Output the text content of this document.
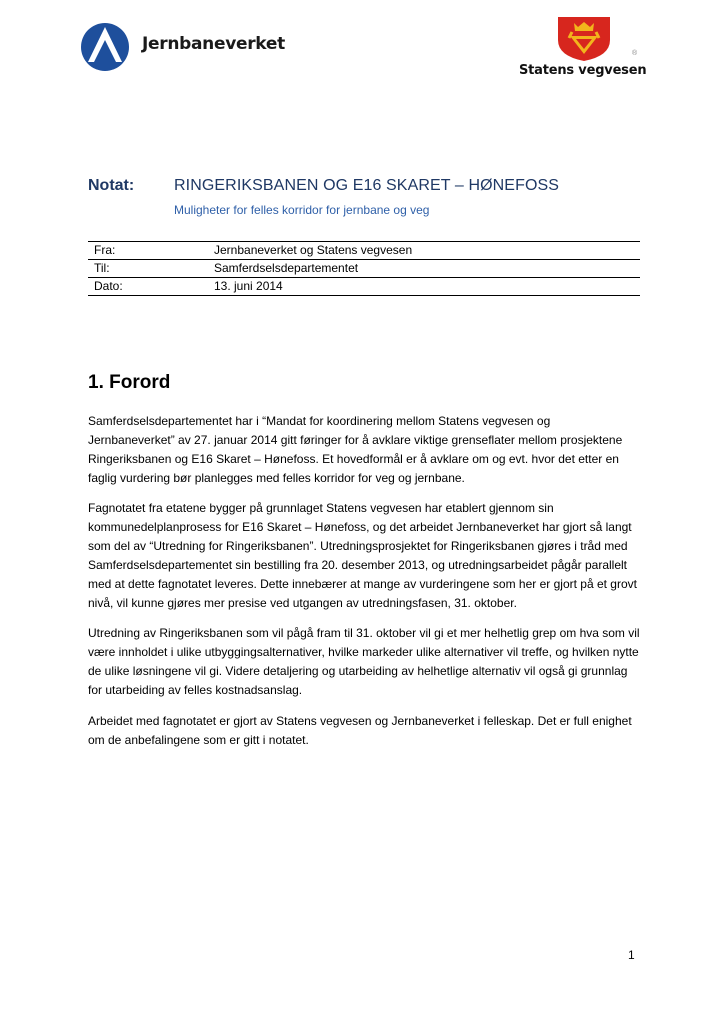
Jernbaneverket	®
Statens vegvesen
Notat: RINGERIKSBANEN OG E16 SKARET – HØNEFOSS
Muligheter for felles korridor for jernbane og veg
Fra:	Jernbaneverket og Statens vegvesen
Til:	Samferdselsdepartementet
Dato:	13. juni 2014
1. Forord

Samferdselsdepartementet har i “Mandat for koordinering mellom Statens vegvesen og Jernbaneverket” av 27. januar 2014 gitt føringer for å avklare viktige grenseflater mellom prosjektene Ringeriksbanen og E16 Skaret – Hønefoss. Et hovedformål er å avklare om og evt. hvor det etter en faglig vurdering bør planlegges med felles korridor for veg og jernbane.

Fagnotatet fra etatene bygger på grunnlaget Statens vegvesen har etablert gjennom sin kommunedelplanprosess for E16 Skaret – Hønefoss, og det arbeidet Jernbaneverket har gjort så langt som del av “Utredning for Ringeriksbanen”. Utredningsprosjektet for Ringeriksbanen gjøres i tråd med Samferdselsdepartementet sin bestilling fra 20. desember 2013, og utredningsarbeidet pågår parallelt med at dette fagnotatet leveres. Dette innebærer at mange av vurderingene som her er gjort på et grovt nivå, vil kunne gjøres mer presise ved utgangen av utredningsfasen, 31. oktober.

Utredning av Ringeriksbanen som vil pågå fram til 31. oktober vil gi et mer helhetlig grep om hva som vil være innholdet i ulike utbyggingsalternativer, hvilke markeder ulike alternativer vil treffe, og hvilken nytte de ulike løsningene vil gi. Videre detaljering og utarbeiding av helhetlige alternativ vil også gi grunnlag for utarbeiding av felles kostnadsanslag.

Arbeidet med fagnotatet er gjort av Statens vegvesen og Jernbaneverket i felleskap. Det er full enighet om de anbefalingene som er gitt i notatet.

1
